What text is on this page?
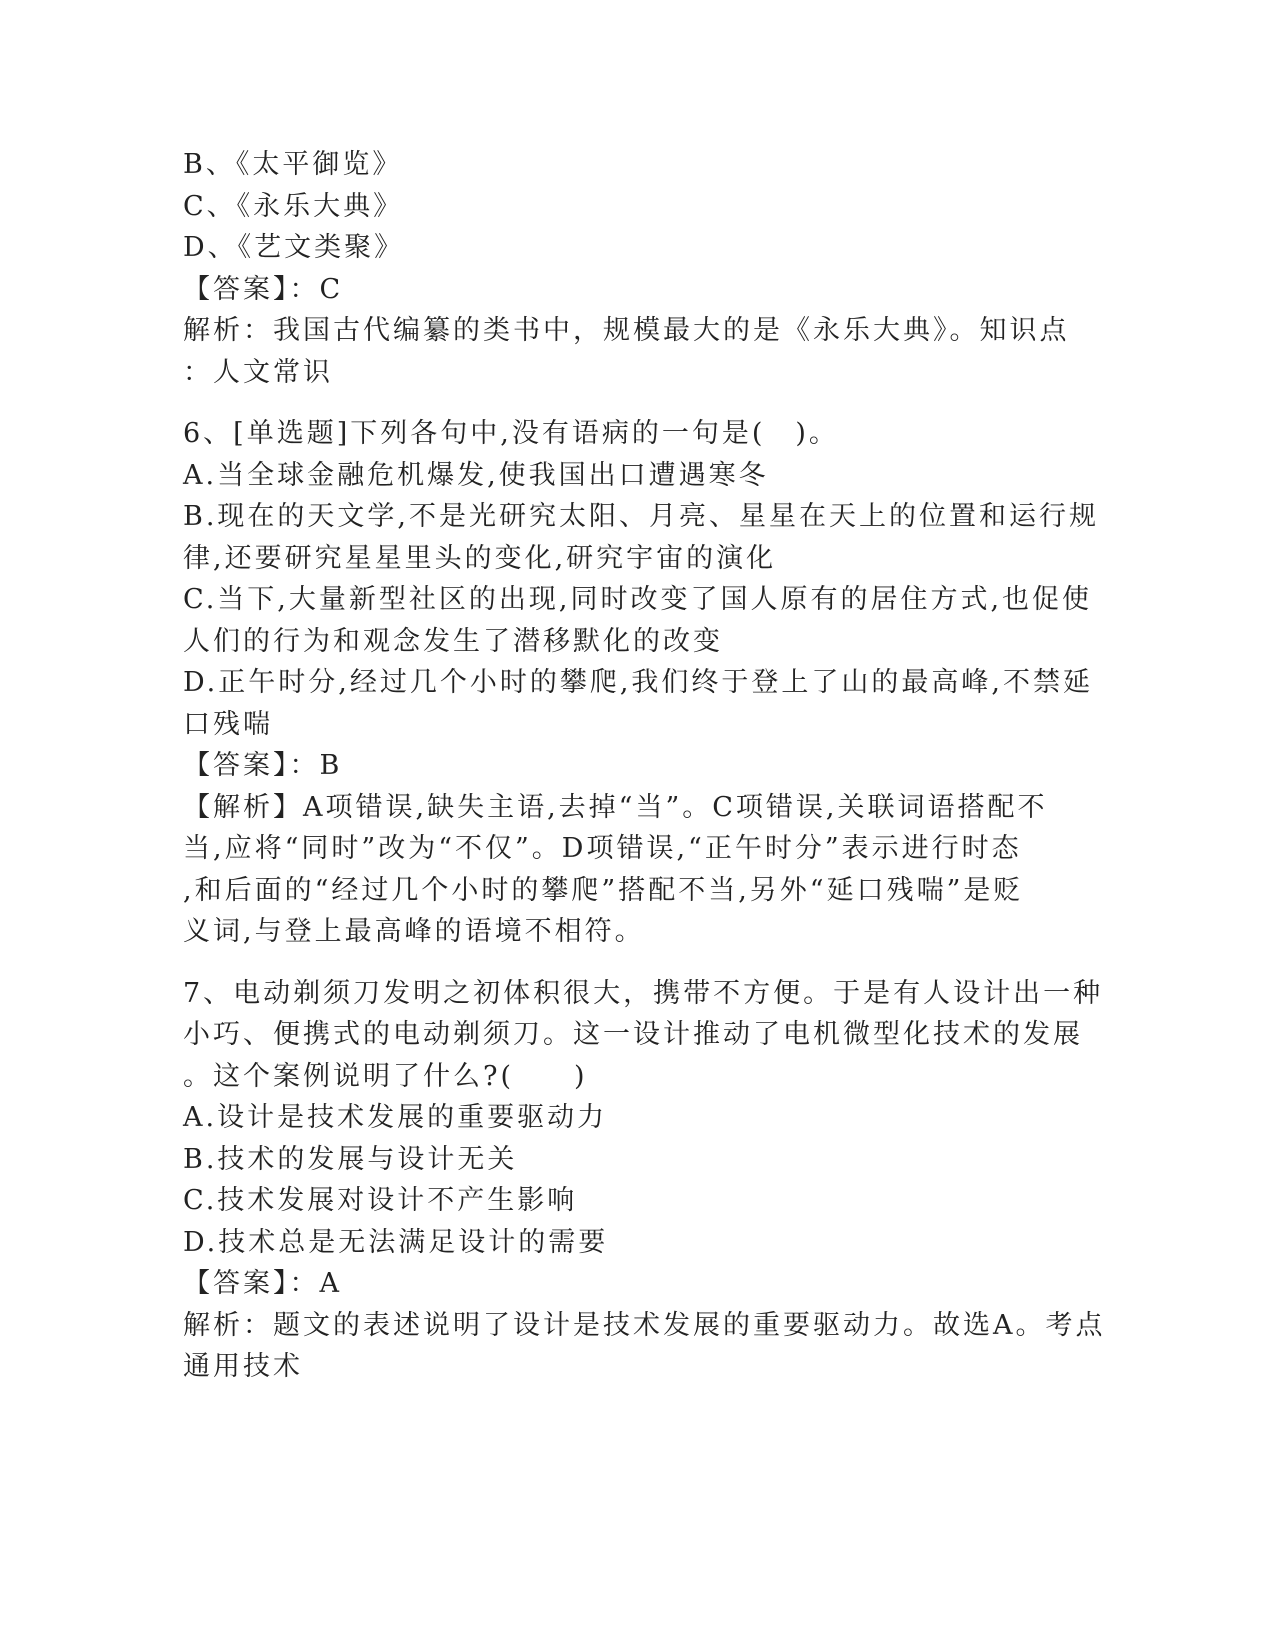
B、《太平御览》
C、《永乐大典》
D、《艺文类聚》
【答案】：C
解析：我国古代编纂的类书中，规模最大的是《永乐大典》。知识点
：人文常识
6、[单选题]下列各句中,没有语病的一句是(　)。
A.当全球金融危机爆发,使我国出口遭遇寒冬
B.现在的天文学,不是光研究太阳、月亮、星星在天上的位置和运行规
律,还要研究星星里头的变化,研究宇宙的演化
C.当下,大量新型社区的出现,同时改变了国人原有的居住方式,也促使
人们的行为和观念发生了潜移默化的改变
D.正午时分,经过几个小时的攀爬,我们终于登上了山的最高峰,不禁延
口残喘
【答案】：B
【解析】A项错误,缺失主语,去掉“当”。C项错误,关联词语搭配不
当,应将“同时”改为“不仅”。D项错误,“正午时分”表示进行时态
,和后面的“经过几个小时的攀爬”搭配不当,另外“延口残喘”是贬
义词,与登上最高峰的语境不相符。
7、电动剃须刀发明之初体积很大，携带不方便。于是有人设计出一种
小巧、便携式的电动剃须刀。这一设计推动了电机微型化技术的发展
。这个案例说明了什么?(　　)
A.设计是技术发展的重要驱动力
B.技术的发展与设计无关
C.技术发展对设计不产生影响
D.技术总是无法满足设计的需要
【答案】：A
解析：题文的表述说明了设计是技术发展的重要驱动力。故选A。考点
通用技术
